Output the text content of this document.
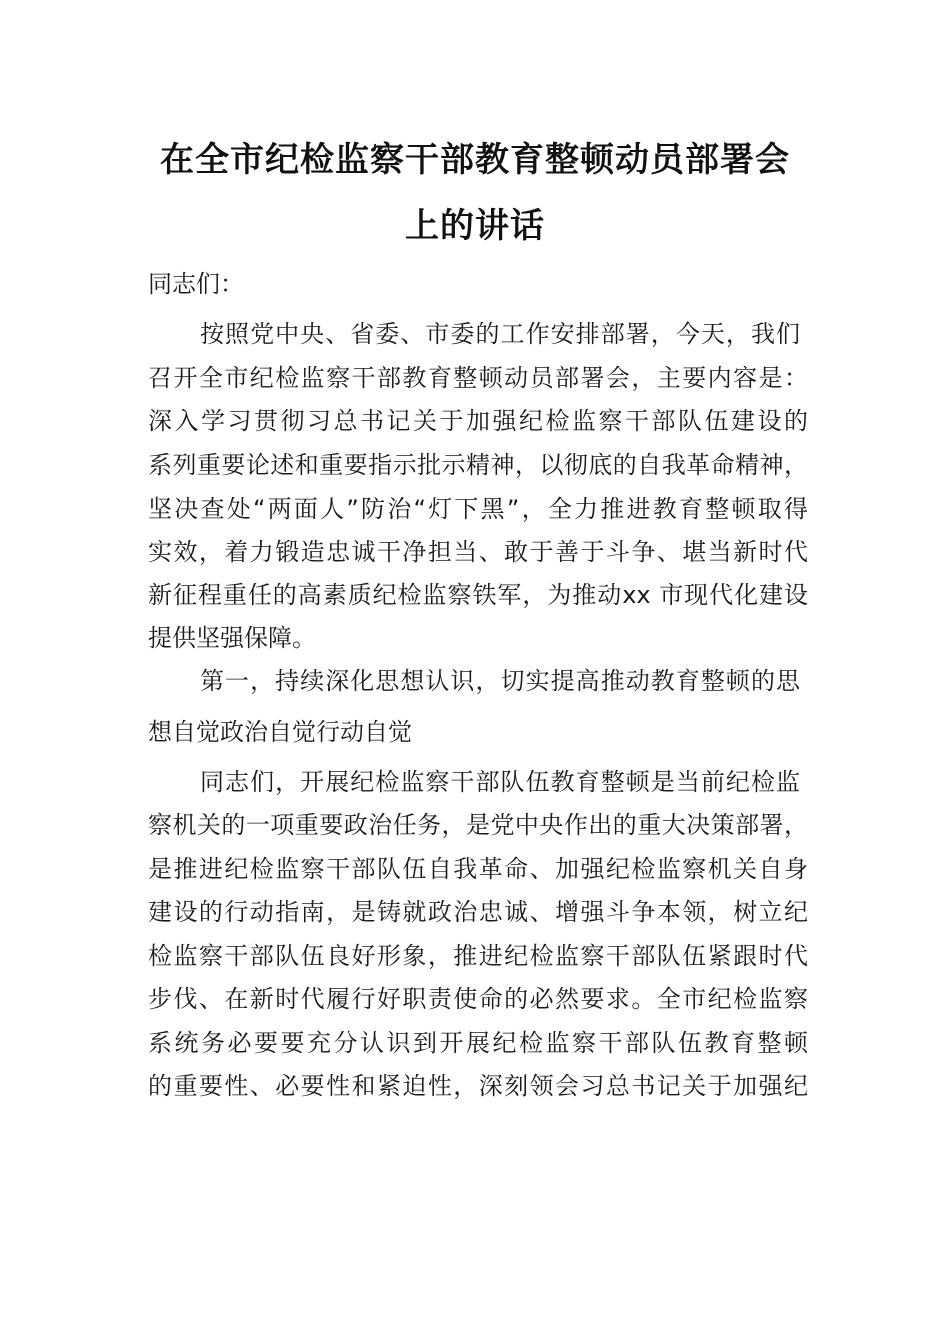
在全市纪检监察干部教育整顿动员部署会
上的讲话
同志们：
按照党中央、省委、市委的工作安排部署，今天，我们
召开全市纪检监察干部教育整顿动员部署会，主要内容是：
深入学习贯彻习总书记关于加强纪检监察干部队伍建设的
系列重要论述和重要指示批示精神，以彻底的自我革命精神，
坚决查处“两面人”防治“灯下黑”，全力推进教育整顿取得
实效，着力锻造忠诚干净担当、敢于善于斗争、堪当新时代
新征程重任的高素质纪检监察铁军，为推动xx 市现代化建设
提供坚强保障。
第一，持续深化思想认识，切实提高推动教育整顿的思
想自觉政治自觉行动自觉
同志们，开展纪检监察干部队伍教育整顿是当前纪检监
察机关的一项重要政治任务，是党中央作出的重大决策部署，
是推进纪检监察干部队伍自我革命、加强纪检监察机关自身
建设的行动指南，是铸就政治忠诚、增强斗争本领，树立纪
检监察干部队伍良好形象，推进纪检监察干部队伍紧跟时代
步伐、在新时代履行好职责使命的必然要求。全市纪检监察
系统务必要要充分认识到开展纪检监察干部队伍教育整顿
的重要性、必要性和紧迫性，深刻领会习总书记关于加强纪
